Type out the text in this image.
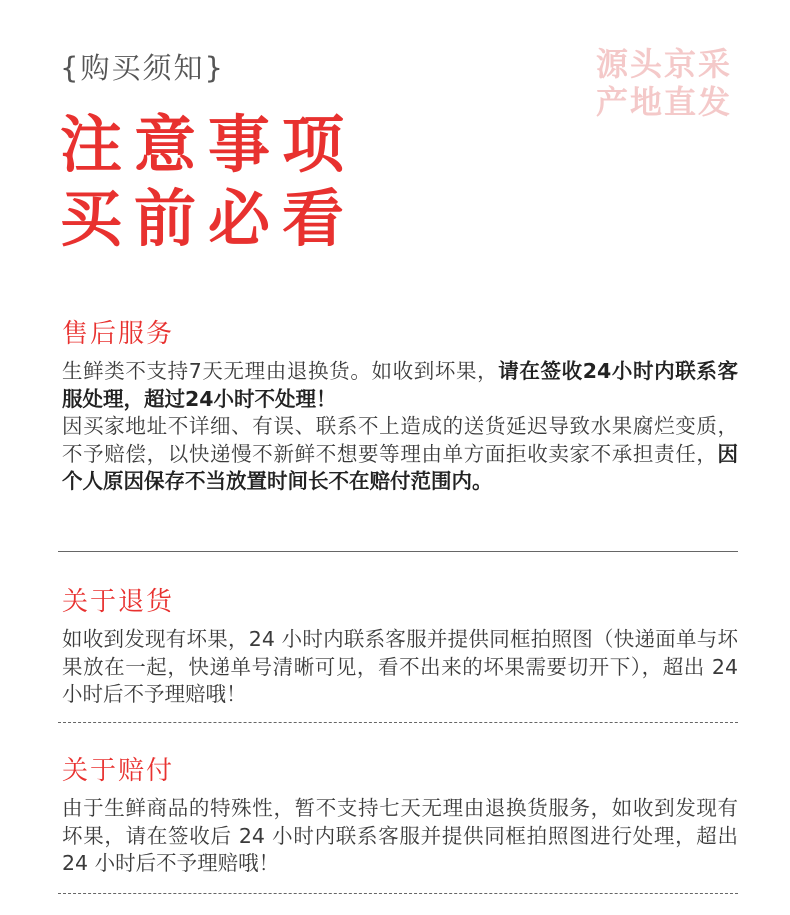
{购买须知}	源头京采
产地直发
注意事项
买前必看
售后服务
生鲜类不支持7天无理由退换货。如收到坏果，请在签收24小时内联系客服处理，超过24小时不处理！
因买家地址不详细、有误、联系不上造成的送货延迟导致水果腐烂变质，不予赔偿，以快递慢不新鲜不想要等理由单方面拒收卖家不承担责任，因个人原因保存不当放置时间长不在赔付范围内。
关于退货
如收到发现有坏果，24 小时内联系客服并提供同框拍照图（快递面单与坏果放在一起，快递单号清晰可见，看不出来的坏果需要切开下），超出 24 小时后不予理赔哦！
关于赔付
由于生鲜商品的特殊性，暂不支持七天无理由退换货服务，如收到发现有坏果，请在签收后 24 小时内联系客服并提供同框拍照图进行处理，超出 24 小时后不予理赔哦！
